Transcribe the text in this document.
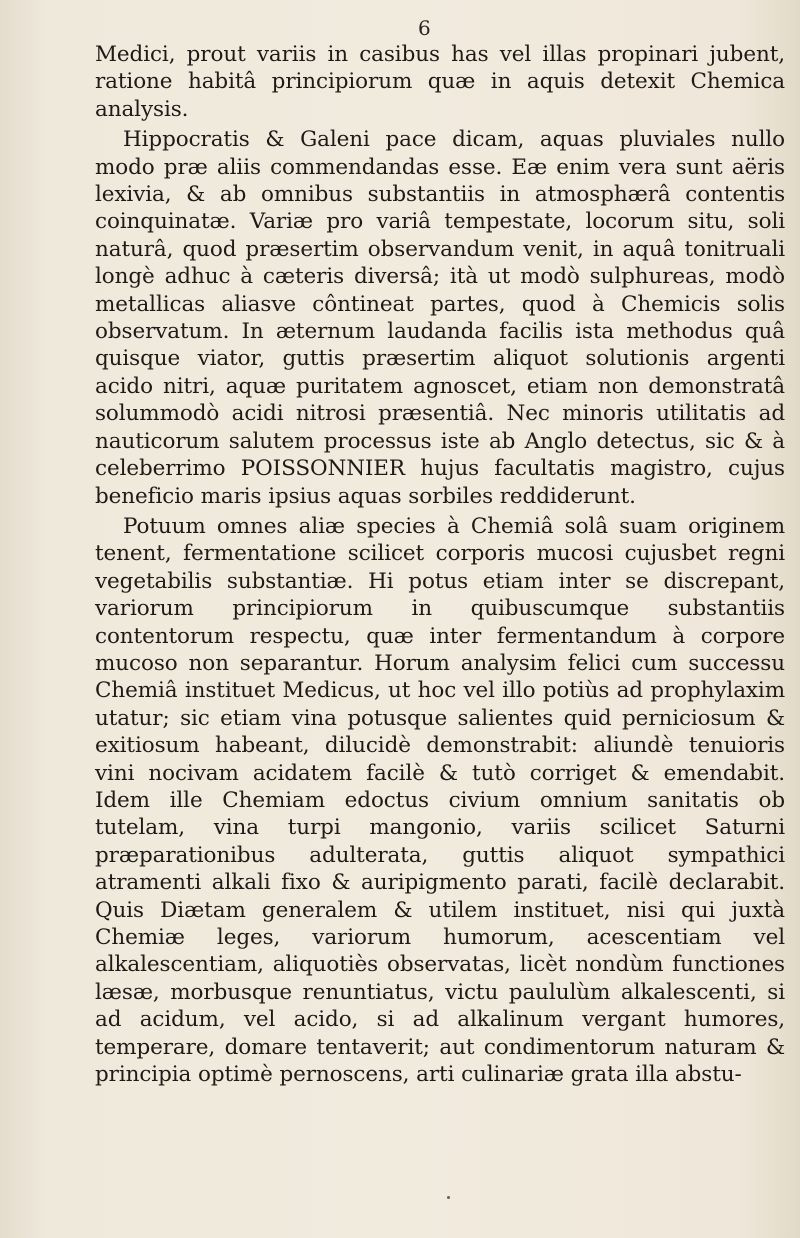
6

Medici, prout variis in casibus has vel illas propinari jubent, ratione habitâ principiorum quæ in aquis detexit Chemica analysis.

Hippocratis & Galeni pace dicam, aquas pluviales nullo modo præ aliis commendandas esse. Eæ enim vera sunt aëris lexivia, & ab omnibus substantiis in atmosphærâ contentis coinquinatæ. Variæ pro variâ tempestate, locorum situ, soli naturâ, quod præsertim observandum venit, in aquâ tonitruali longè adhuc à cæteris diversâ; ità ut modò sulphureas, modò metallicas aliasve côntineat partes, quod à Chemicis solis observatum. In æternum laudanda facilis ista methodus quâ quisque viator, guttis præsertim aliquot solutionis argenti acido nitri, aquæ puritatem agnoscet, etiam non demonstratâ solummodò acidi nitrosi præsentiâ. Nec minoris utilitatis ad nauticorum salutem processus iste ab Anglo detectus, sic & à celeberrimo POISSONNIER hujus facultatis magistro, cujus beneficio maris ipsius aquas sorbiles reddiderunt.

Potuum omnes aliæ species à Chemiâ solâ suam originem tenent, fermentatione scilicet corporis mucosi cujusbet regni vegetabilis substantiæ. Hi potus etiam inter se discrepant, variorum principiorum in quibuscumque substantiis contentorum respectu, quæ inter fermentandum à corpore mucoso non separantur. Horum analysim felici cum successu Chemiâ instituet Medicus, ut hoc vel illo potiùs ad prophylaxim utatur; sic etiam vina potusque salientes quid perniciosum & exitiosum habeant, dilucidè demonstrabit: aliundè tenuioris vini nocivam acidatem facilè & tutò corriget & emendabit. Idem ille Chemiam edoctus civium omnium sanitatis ob tutelam, vina turpi mangonio, variis scilicet Saturni præparationibus adulterata, guttis aliquot sympathici atramenti alkali fixo & auripigmento parati, facilè declarabit. Quis Diætam generalem & utilem instituet, nisi qui juxtà Chemiæ leges, variorum humorum, acescentiam vel alkalescentiam, aliquotiès observatas, licèt nondùm functiones læsæ, morbusque renuntiatus, victu paululùm alkalescenti, si ad acidum, vel acido, si ad alkalinum vergant humores, temperare, domare tentaverit; aut condimentorum naturam & principia optimè pernoscens, arti culinariæ grata illa abstu-
